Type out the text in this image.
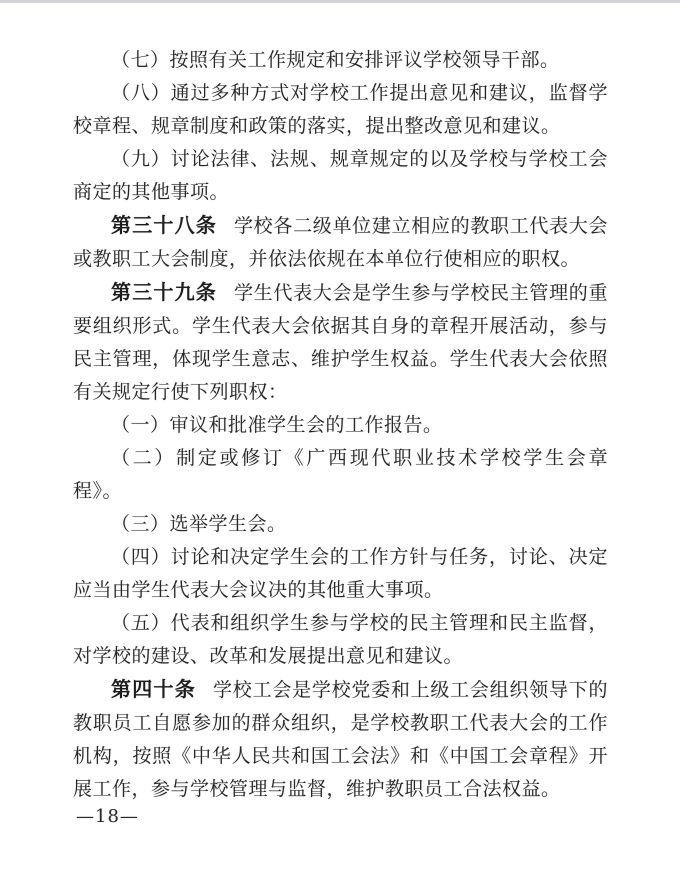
（七）按照有关工作规定和安排评议学校领导干部。

（八）通过多种方式对学校工作提出意见和建议，监督学校章程、规章制度和政策的落实，提出整改意见和建议。

（九）讨论法律、法规、规章规定的以及学校与学校工会商定的其他事项。

第三十八条 学校各二级单位建立相应的教职工代表大会或教职工大会制度，并依法依规在本单位行使相应的职权。

第三十九条 学生代表大会是学生参与学校民主管理的重要组织形式。学生代表大会依据其自身的章程开展活动，参与民主管理，体现学生意志、维护学生权益。学生代表大会依照有关规定行使下列职权：

（一）审议和批准学生会的工作报告。

（二）制定或修订《广西现代职业技术学校学生会章程》。

（三）选举学生会。

（四）讨论和决定学生会的工作方针与任务，讨论、决定应当由学生代表大会议决的其他重大事项。

（五）代表和组织学生参与学校的民主管理和民主监督，对学校的建设、改革和发展提出意见和建议。

第四十条 学校工会是学校党委和上级工会组织领导下的教职员工自愿参加的群众组织，是学校教职工代表大会的工作机构，按照《中华人民共和国工会法》和《中国工会章程》开展工作，参与学校管理与监督，维护教职员工合法权益。

—18—
